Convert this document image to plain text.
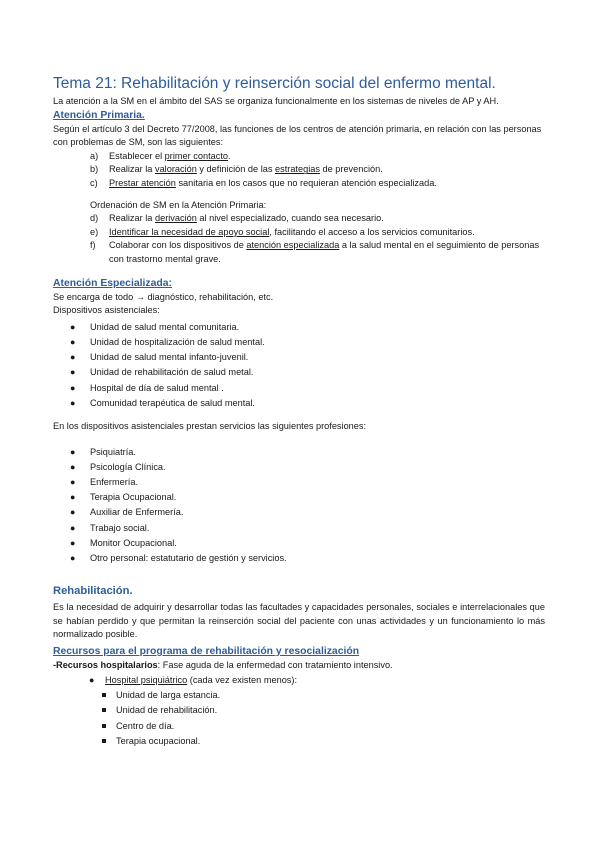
Tema 21: Rehabilitación y reinserción social del enfermo mental.

La atención a la SM en el ámbito del SAS se organiza funcionalmente en los sistemas de niveles de AP y AH.

Atención Primaria.

Según el artículo 3 del Decreto 77/2008, las funciones de los centros de atención primaria, en relación con las personas con problemas de SM, son las siguientes:

a) Establecer el primer contacto.
b) Realizar la valoración y definición de las estrategias de prevención.
c) Prestar atención sanitaria en los casos que no requieran atención especializada.

Ordenación de SM en la Atención Primaria:

d) Realizar la derivación al nivel especializado, cuando sea necesario.
e) Identificar la necesidad de apoyo social, facilitando el acceso a los servicios comunitarios.
f) Colaborar con los dispositivos de atención especializada a la salud mental en el seguimiento de personas con trastorno mental grave.
Atención Especializada:

Se encarga de todo → diagnóstico, rehabilitación, etc.

Dispositivos asistenciales:

● Unidad de salud mental comunitaria.
● Unidad de hospitalización de salud mental.
● Unidad de salud mental infanto-juvenil.
● Unidad de rehabilitación de salud metal.
● Hospital de día de salud mental .
● Comunidad terapéutica de salud mental.

En los dispositivos asistenciales prestan servicios las siguientes profesiones:

● Psiquiatría.
● Psicología Clínica.
● Enfermería.
● Terapia Ocupacional.
● Auxiliar de Enfermería.
● Trabajo social.
● Monitor Ocupacional.
● Otro personal: estatutario de gestión y servicios.
Rehabilitación.

Es la necesidad de adquirir y desarrollar todas las facultades y capacidades personales, sociales e interrelacionales que se habían perdido y que permitan la reinserción social del paciente con unas actividades y un funcionamiento lo más normalizado posible.

Recursos para el programa de rehabilitación y resocialización

-Recursos hospitalarios: Fase aguda de la enfermedad con tratamiento intensivo.

● Hospital psiquiátrico (cada vez existen menos):
Unidad de larga estancia.
Unidad de rehabilitación.
Centro de día.
Terapia ocupacional.
